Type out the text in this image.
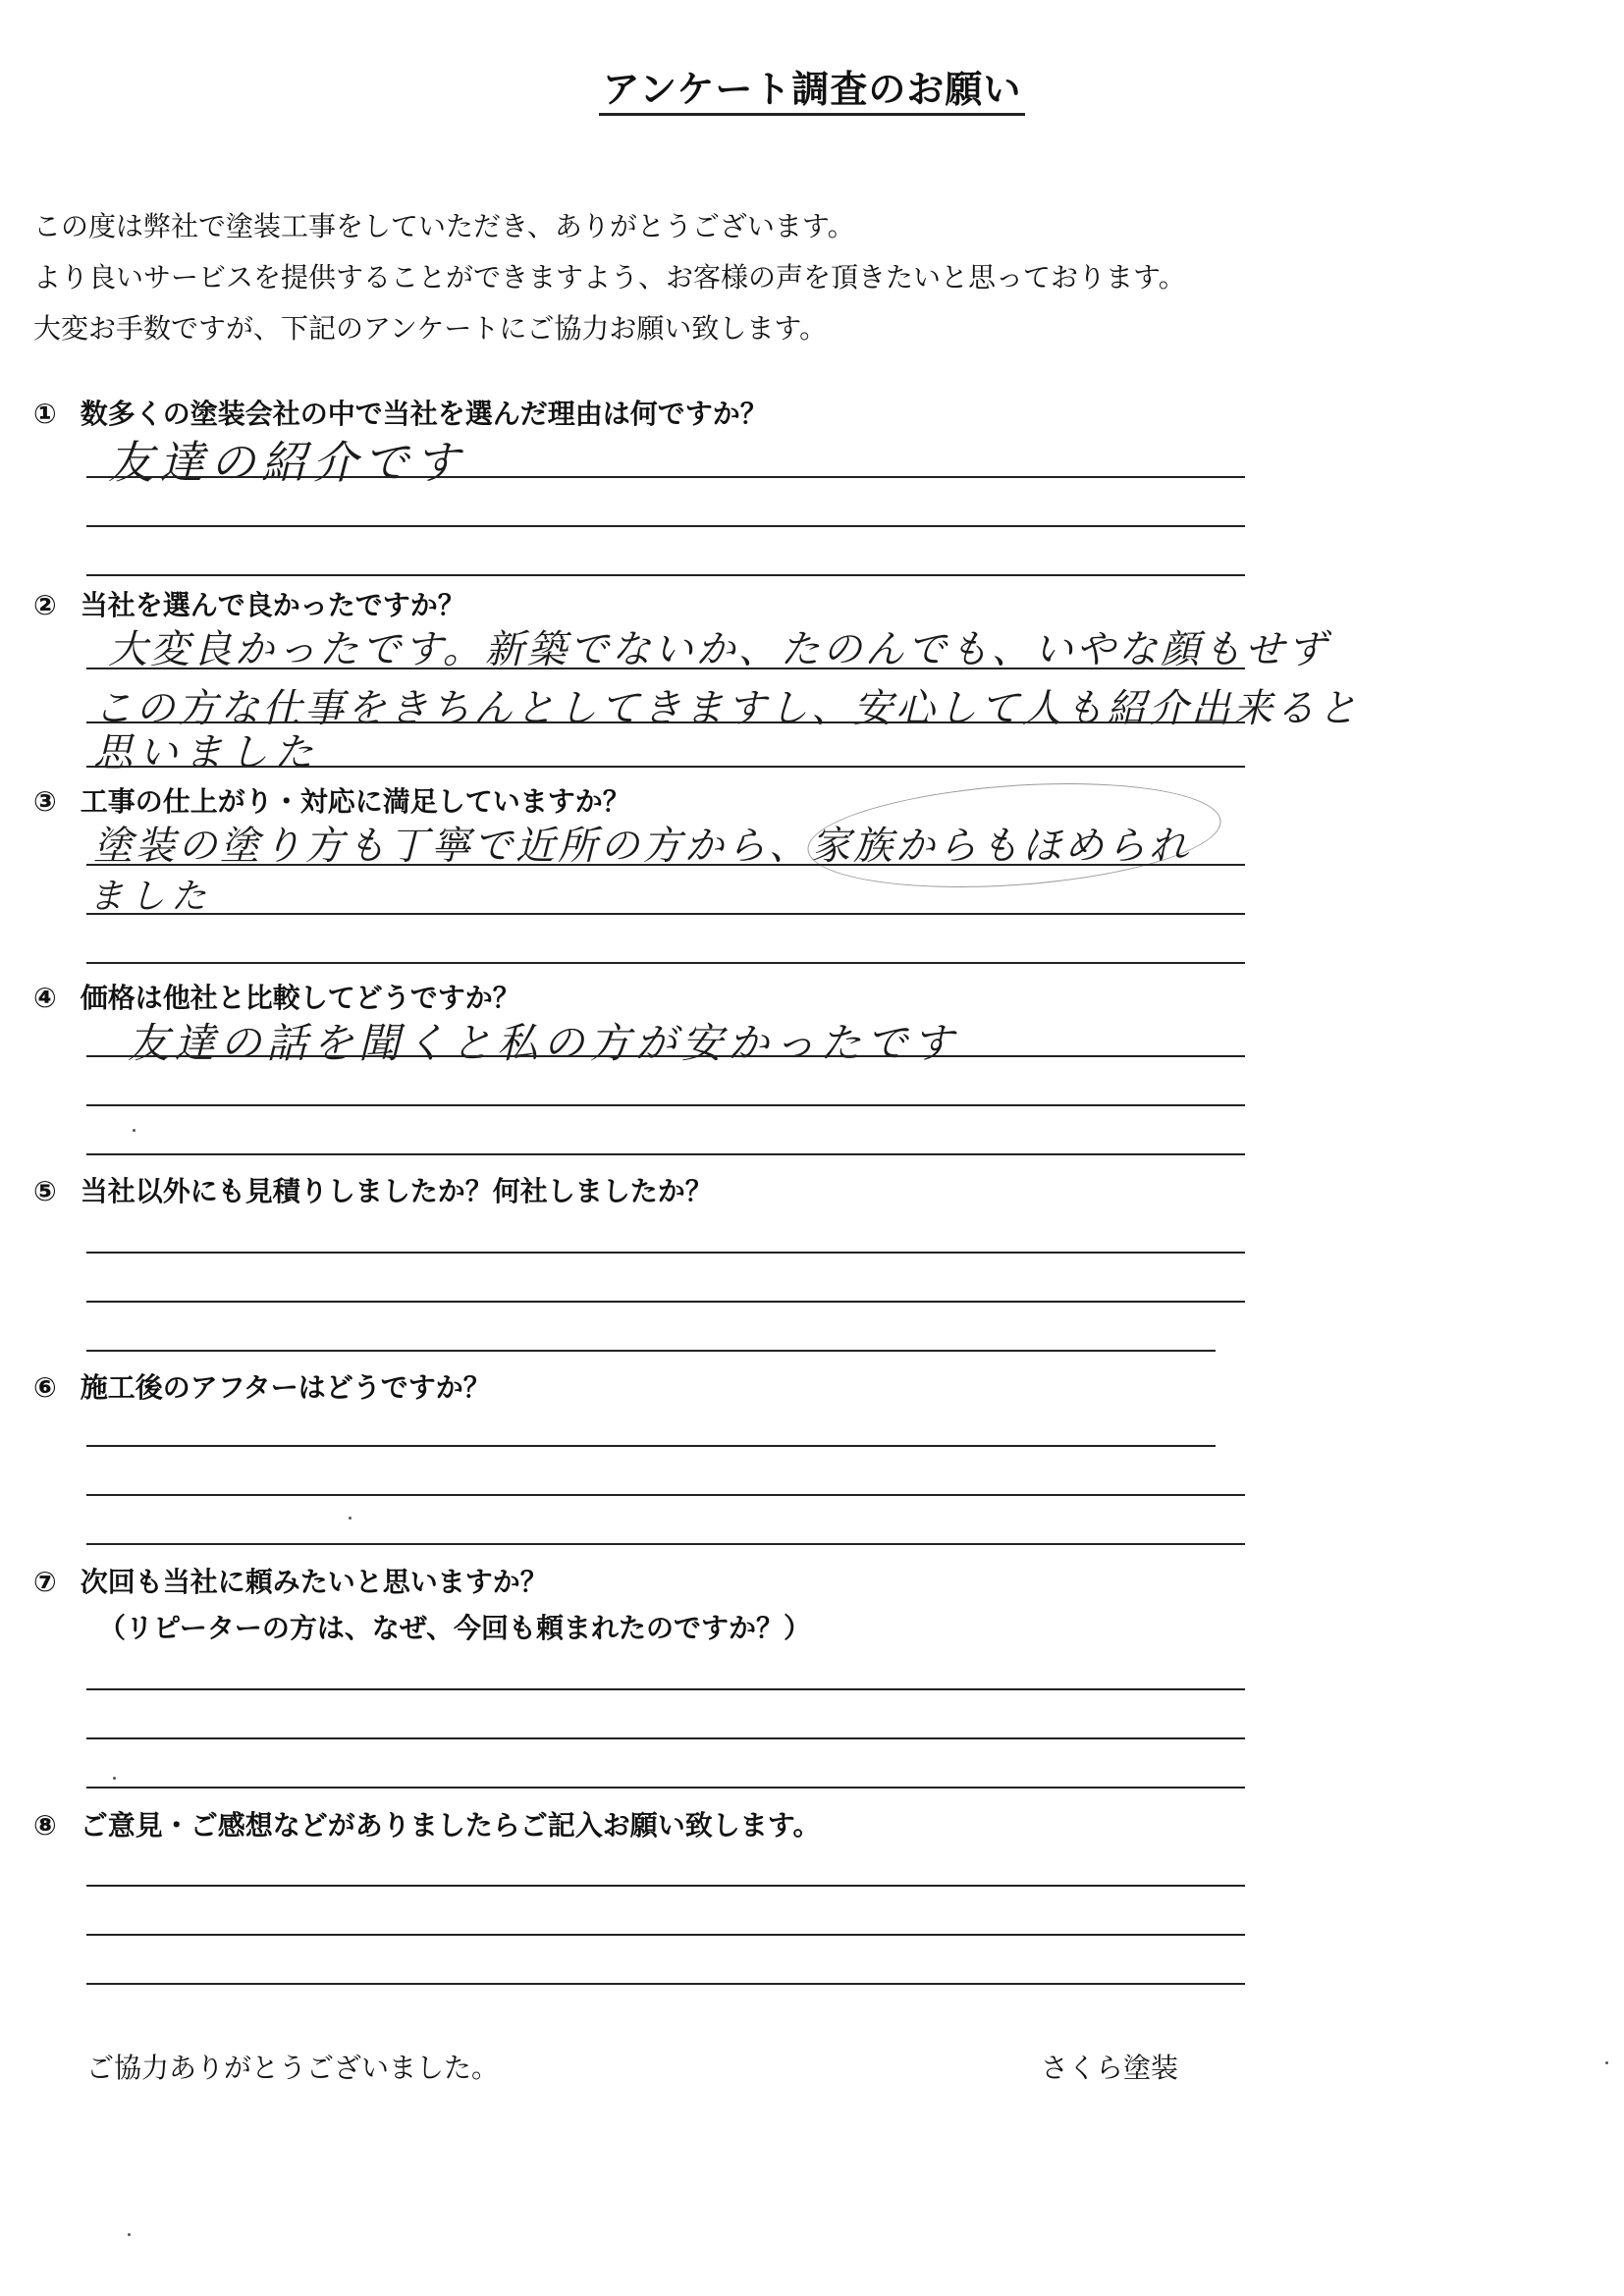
アンケート調査のお願い
この度は弊社で塗装工事をしていただき、ありがとうございます。
より良いサービスを提供することができますよう、お客様の声を頂きたいと思っております。
大変お手数ですが、下記のアンケートにご協力お願い致します。
① 数多くの塗装会社の中で当社を選んだ理由は何ですか？
友達の紹介です
② 当社を選んで良かったですか？
大変良かったです。新築でないか、たのんでも、いやな顔もせず
この方な仕事をきちんとしてきますし、安心して人も紹介出来ると
思いました
③ 工事の仕上がり・対応に満足していますか？
塗装の塗り方も丁寧で近所の方から、家族からもほめられ
ました
④ 価格は他社と比較してどうですか？
友達の話を聞くと私の方が安かったです
⑤ 当社以外にも見積りしましたか？何社しましたか？
⑥ 施工後のアフターはどうですか？
⑦ 次回も当社に頼みたいと思いますか？
（リピーターの方は、なぜ、今回も頼まれたのですか？）
⑧ ご意見・ご感想などがありましたらご記入お願い致します。
ご協力ありがとうございました。	さくら塗装
